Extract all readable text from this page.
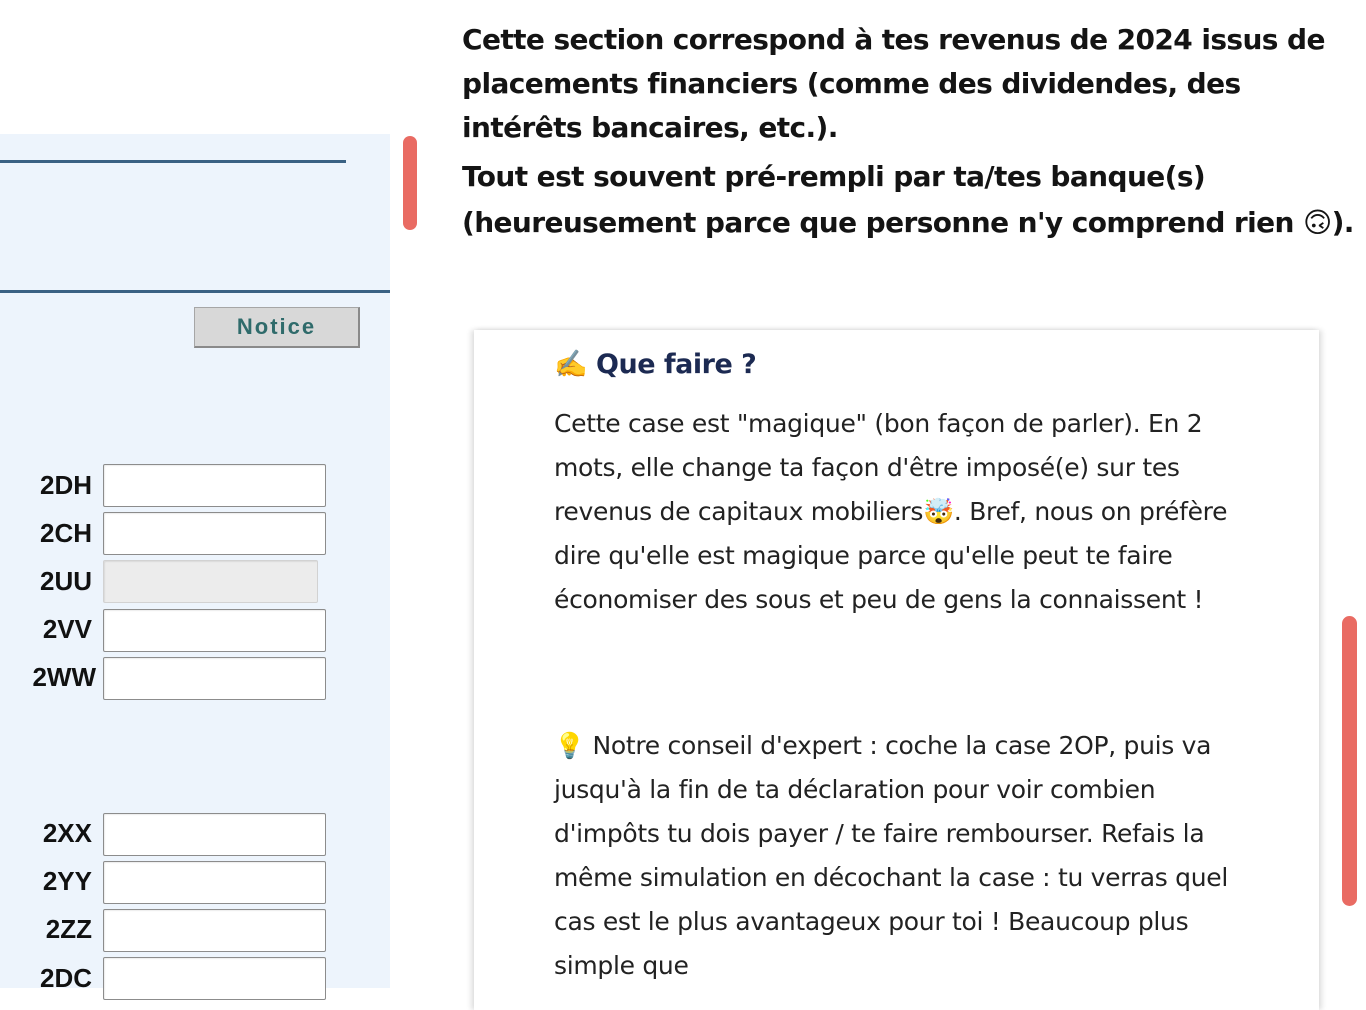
Notice
2DH
2CH
2UU
2VV
2WW
2XX
2YY
2ZZ
2DC

Cette section correspond à tes revenus de 2024 issus de placements financiers (comme des dividendes, des intérêts bancaires, etc.).

Tout est souvent pré-rempli par ta/tes banque(s) (heureusement parce que personne n'y comprend rien 🙃).

✍️ Que faire ?

Cette case est "magique" (bon façon de parler). En 2 mots, elle change ta façon d'être imposé(e) sur tes revenus de capitaux mobiliers🤯. Bref, nous on préfère dire qu'elle est magique parce qu'elle peut te faire économiser des sous et peu de gens la connaissent !

💡 Notre conseil d'expert : coche la case 2OP, puis va jusqu'à la fin de ta déclaration pour voir combien d'impôts tu dois payer / te faire rembourser. Refais la même simulation en décochant la case : tu verras quel cas est le plus avantageux pour toi ! Beaucoup plus simple que
